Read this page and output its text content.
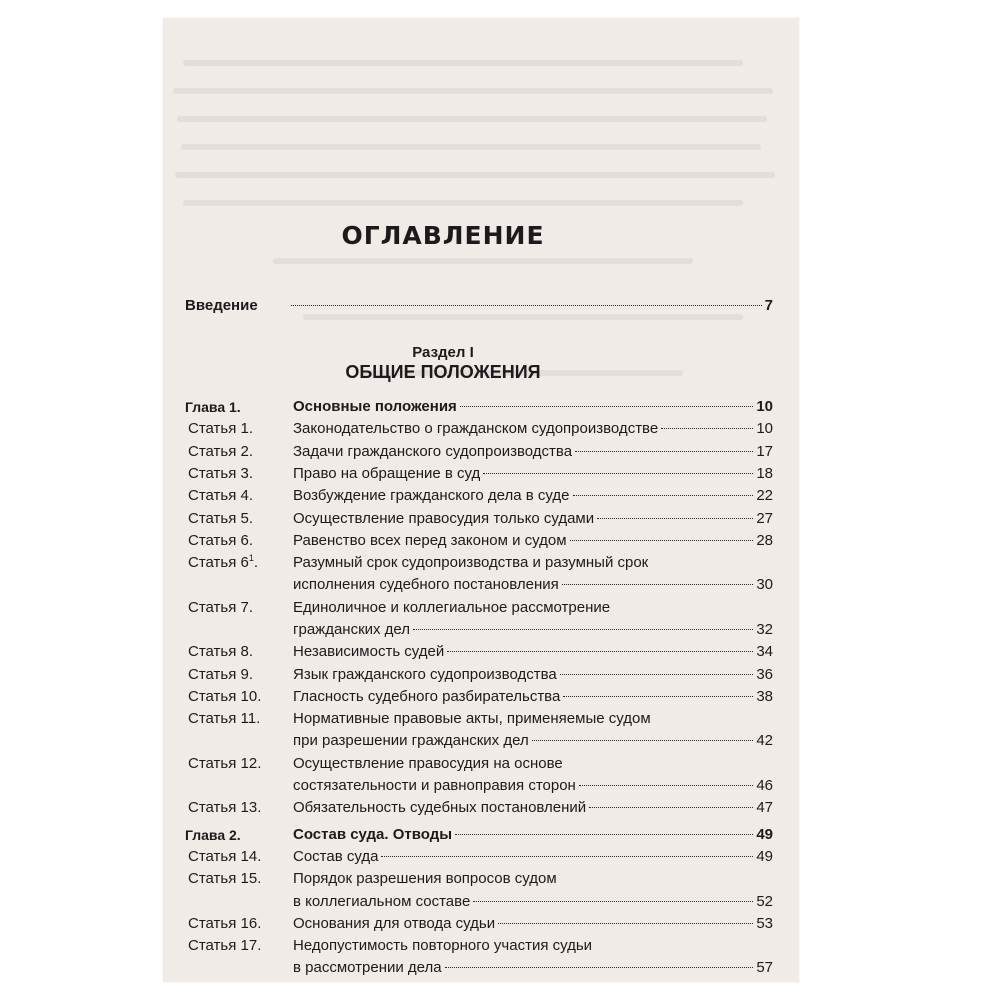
ОГЛАВЛЕНИЕ
Введение	7
Раздел I
ОБЩИЕ ПОЛОЖЕНИЯ
Глава 1.	Основные положения	10
Статья 1.	Законодательство о гражданском судопроизводстве	10
Статья 2.	Задачи гражданского судопроизводства	17
Статья 3.	Право на обращение в суд	18
Статья 4.	Возбуждение гражданского дела в суде	22
Статья 5.	Осуществление правосудия только судами	27
Статья 6.	Равенство всех перед законом и судом	28
Статья $6^1$. Разумный срок судопроизводства и разумный срок
исполнения судебного постановления	30
Статья 7.	Единоличное и коллегиальное рассмотрение
гражданских дел	32
Статья 8.	Независимость судей	34
Статья 9.	Язык гражданского судопроизводства	36
Статья 10. Гласность судебного разбирательства	38
Статья 11. Нормативные правовые акты, применяемые судом
при разрешении гражданских дел	42
Статья 12. Осуществление правосудия на основе
состязательности и равноправия сторон	46
Статья 13. Обязательность судебных постановлений	47
Глава 2.	Состав суда. Отводы	49
Статья 14. Состав суда	49
Статья 15. Порядок разрешения вопросов судом
в коллегиальном составе	52
Статья 16. Основания для отвода судьи	53
Статья 17. Недопустимость повторного участия судьи
в рассмотрении дела	57
